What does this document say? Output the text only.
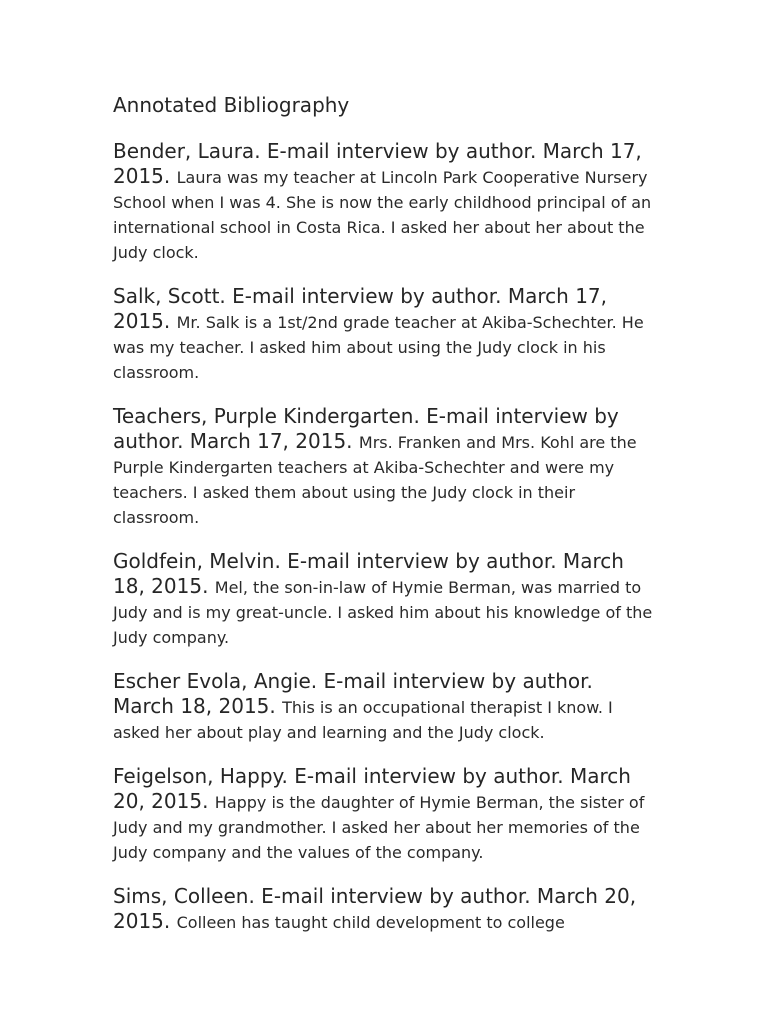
Annotated Bibliography
Bender, Laura. E-mail interview by author. March 17, 2015. Laura was my teacher at Lincoln Park Cooperative Nursery School when I was 4. She is now the early childhood principal of an international school in Costa Rica. I asked her about her about the Judy clock.
Salk, Scott. E-mail interview by author. March 17, 2015. Mr. Salk is a 1st/2nd grade teacher at Akiba-Schechter. He was my teacher. I asked him about using the Judy clock in his classroom.
Teachers, Purple Kindergarten. E-mail interview by author. March 17, 2015. Mrs. Franken and Mrs. Kohl are the Purple Kindergarten teachers at Akiba-Schechter and were my teachers. I asked them about using the Judy clock in their classroom.
Goldfein, Melvin. E-mail interview by author. March 18, 2015. Mel, the son-in-law of Hymie Berman, was married to Judy and is my great-uncle. I asked him about his knowledge of the Judy company.
Escher Evola, Angie. E-mail interview by author. March 18, 2015. This is an occupational therapist I know. I asked her about play and learning and the Judy clock.
Feigelson, Happy. E-mail interview by author. March 20, 2015. Happy is the daughter of Hymie Berman, the sister of Judy and my grandmother. I asked her about her memories of the Judy company and the values of the company.
Sims, Colleen. E-mail interview by author. March 20, 2015. Colleen has taught child development to college
